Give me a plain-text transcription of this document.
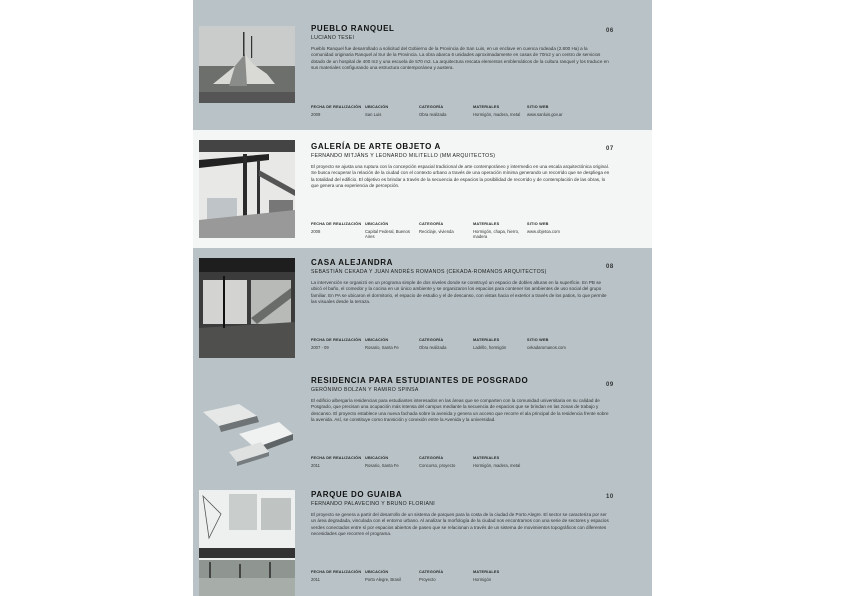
PUEBLO RANQUEL
LUCIANO TESEI
Pueblo Ranquel fue desarrollado a solicitud del Gobierno de la Provincia de San Luis, en un enclave en cuenca rodeada (2.800 Ha) a la comunidad originaria Ranquel al Sur de la Provincia. La obra abarca 6 unidades aproximadamente en casas de 70m2 y un centro de servicios dotado de un hospital de 400 m2 y una escuela de 570 m2. La arquitectura rescata elementos emblemáticos de la cultura ranquel y los traduce en sus materiales configurando una estructura contemporánea y austera.
06
FECHA DE REALIZACIÓN
2009
UBICACIÓN
San Luis
CATEGORÍA
Obra realizada
MATERIALES
Hormigón, madera, metal
SITIO WEB
www.sanluis.gov.ar
GALERÍA DE ARTE OBJETO A
FERNANDO MITJÁNS Y LEONARDO MILITELLO (MM ARQUITECTOS)
El proyecto se ajusta una ruptura con la concepción espacial tradicional de arte contemporáneo y intermedio en una escala arquitectónica original. Se busca recuperar la relación de la ciudad con el contexto urbano a través de una operación mínima generando un recorrido que se despliega en la totalidad del edificio. El objetivo es brindar a través de la secuencia de espacios la posibilidad de recorrido y de contemplación de las obras, lo que genera una experiencia de percepción.
07
FECHA DE REALIZACIÓN
2008
UBICACIÓN
Capital Federal, Buenos Aires
CATEGORÍA
Reciclaje, vivienda
MATERIALES
Hormigón, chapa, hierro, madera
SITIO WEB
www.objetoa.com
CASA ALEJANDRA
SEBASTIÁN CEKADA Y JUAN ANDRÉS ROMANOS (CEKADA-ROMANOS ARQUITECTOS)
La intervención se organizó en un programa simple de dos niveles donde se construyó un espacio de dobles alturas en la superficie. En PB se ubicó el baño, el comedor y la cocina en un único ambiente y se organizaron los espacios para contener los ambientes de uso social del grupo familiar. En PA se ubicaron el dormitorio, el espacio de estudio y el de descanso, con vistas hacia el exterior a través de los patios, lo que permite las visuales desde la terraza.
08
FECHA DE REALIZACIÓN
2007 - 09
UBICACIÓN
Rosario, Santa Fe
CATEGORÍA
Obra realizada
MATERIALES
Ladrillo, hormigón
SITIO WEB
cekadaromanos.com
RESIDENCIA PARA ESTUDIANTES DE POSGRADO
GERÓNIMO BOLZAN Y RAMIRO SPINSA
El edificio albergaría residencias para estudiantes interesados en las áreas que se comparten con la comunidad universitaria en su calidad de Posgrado, que precisan una ocupación más intensa del campus mediante la secuencia de espacios que se brindan en las zonas de trabajo y descanso. El proyecto establece una nueva fachada sobre la avenida y genera un acceso que recorre el ala principal de la residencia frente sobre la avenida. Así, se constituye como transición y conexión entre la Avenida y la universidad.
09
FECHA DE REALIZACIÓN
2011
UBICACIÓN
Rosario, Santa Fe
CATEGORÍA
Concurso, proyecto
MATERIALES
Hormigón, madera, metal
PARQUE DO GUAIBA
FERNANDO PALAVECINO Y BRUNO FLORIANI
El proyecto se genera a partir del desarrollo de un sistema de parques para la costa de la ciudad de Porto Alegre. El sector se caracteriza por ser un área degradada, vinculada con el entorno urbano. Al analizar la morfología de la ciudad nos encontramos con una serie de sectores y espacios verdes conectados entre sí por espacios abiertos de paseo que se relacionan a través de un sistema de movimientos topográficos con diferentes necesidades que recorren el programa.
10
FECHA DE REALIZACIÓN
2011
UBICACIÓN
Porto Alegre, Brasil
CATEGORÍA
Proyecto
MATERIALES
Hormigón
